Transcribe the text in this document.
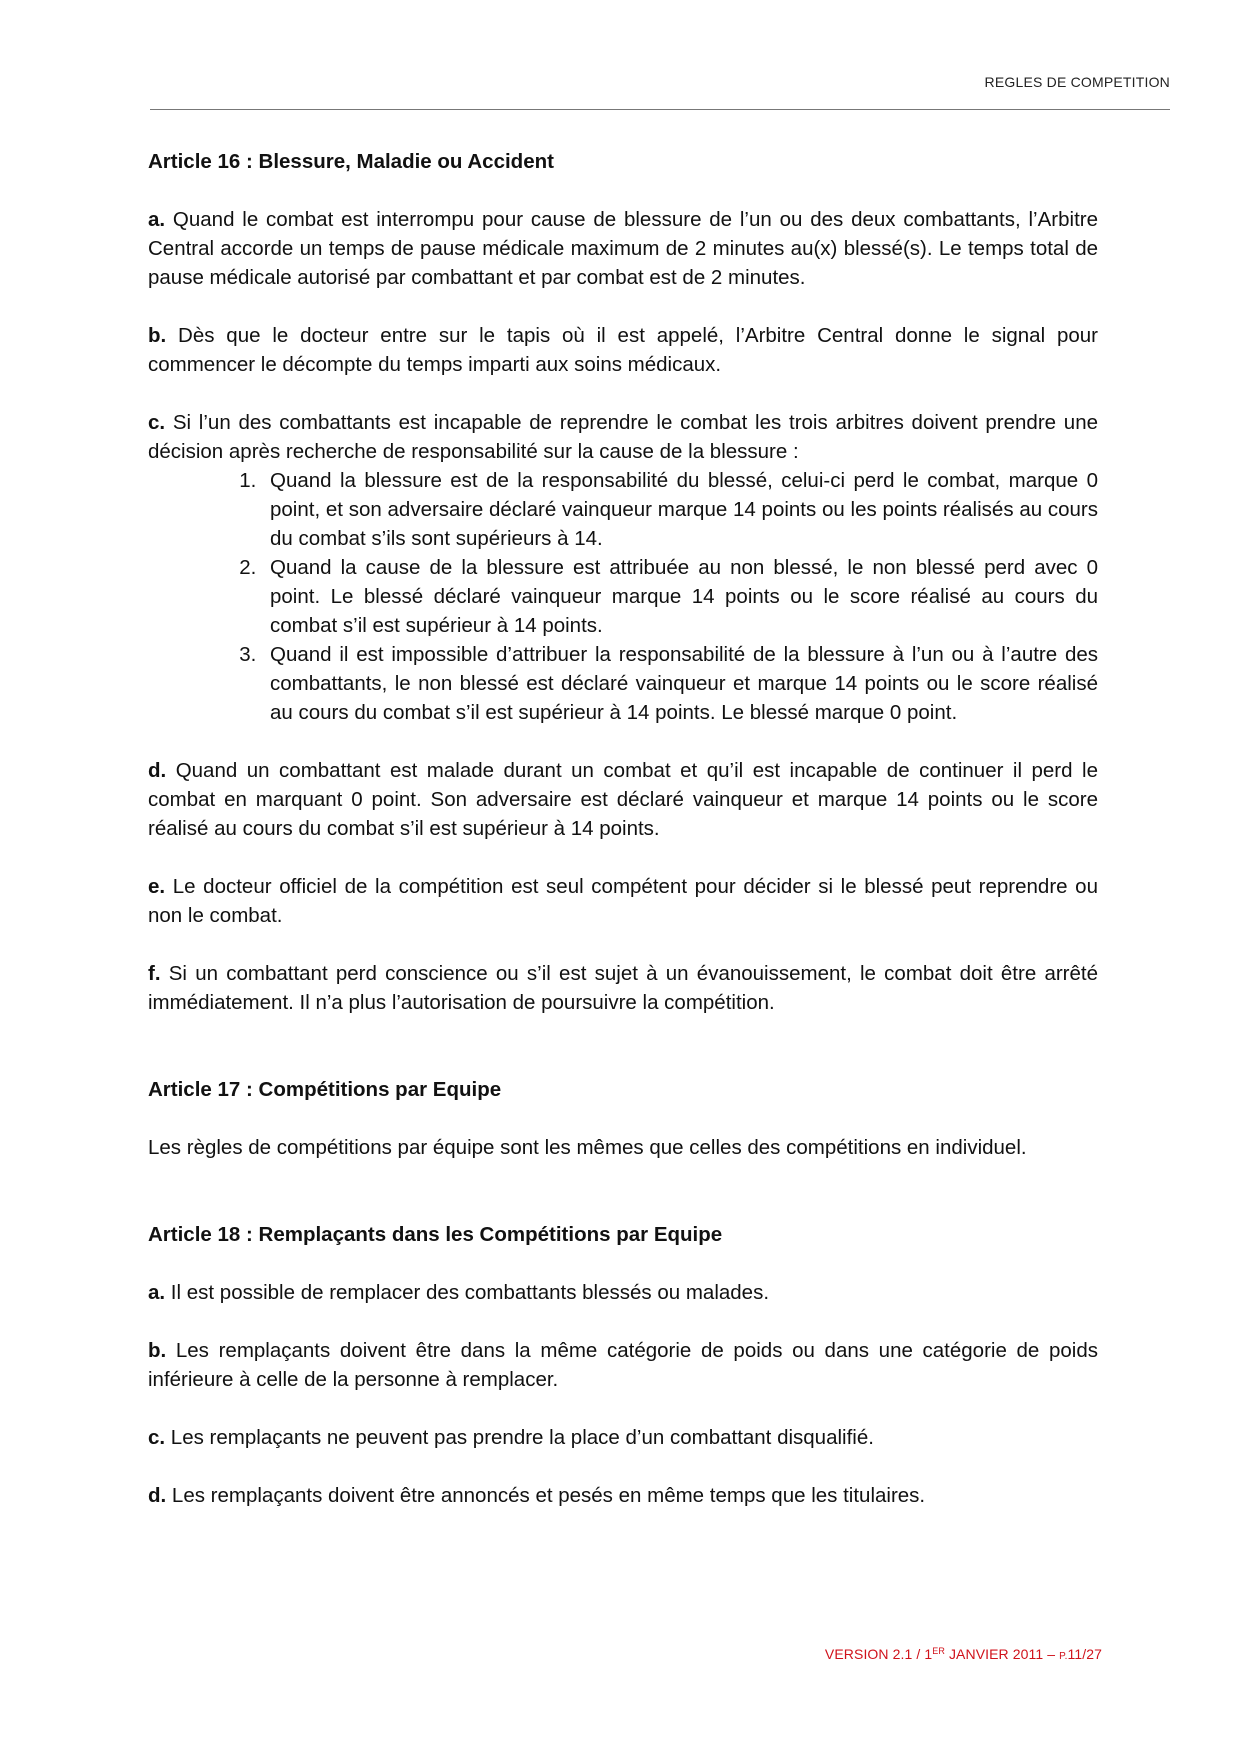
REGLES DE COMPETITION
Article 16 : Blessure, Maladie ou Accident

a. Quand le combat est interrompu pour cause de blessure de l’un ou des deux combattants, l’Arbitre Central accorde un temps de pause médicale maximum de 2 minutes au(x) blessé(s). Le temps total de pause médicale autorisé par combattant et par combat est de 2 minutes.

b. Dès que le docteur entre sur le tapis où il est appelé, l’Arbitre Central donne le signal pour commencer le décompte du temps imparti aux soins médicaux.

c. Si l’un des combattants est incapable de reprendre le combat les trois arbitres doivent prendre une décision après recherche de responsabilité sur la cause de la blessure :

1. Quand la blessure est de la responsabilité du blessé, celui-ci perd le combat, marque 0 point, et son adversaire déclaré vainqueur marque 14 points ou les points réalisés au cours du combat s’ils sont supérieurs à 14.
2. Quand la cause de la blessure est attribuée au non blessé, le non blessé perd avec 0 point. Le blessé déclaré vainqueur marque 14 points ou le score réalisé au cours du combat s’il est supérieur à 14 points.
3. Quand il est impossible d’attribuer la responsabilité de la blessure à l’un ou à l’autre des combattants, le non blessé est déclaré vainqueur et marque 14 points ou le score réalisé au cours du combat s’il est supérieur à 14 points. Le blessé marque 0 point.

d. Quand un combattant est malade durant un combat et qu’il est incapable de continuer il perd le combat en marquant 0 point. Son adversaire est déclaré vainqueur et marque 14 points ou le score réalisé au cours du combat s’il est supérieur à 14 points.

e. Le docteur officiel de la compétition est seul compétent pour décider si le blessé peut reprendre ou non le combat.

f. Si un combattant perd conscience ou s’il est sujet à un évanouissement, le combat doit être arrêté immédiatement. Il n’a plus l’autorisation de poursuivre la compétition.

Article 17 : Compétitions par Equipe

Les règles de compétitions par équipe sont les mêmes que celles des compétitions en individuel.

Article 18 : Remplaçants dans les Compétitions par Equipe

a. Il est possible de remplacer des combattants blessés ou malades.

b. Les remplaçants doivent être dans la même catégorie de poids ou dans une catégorie de poids inférieure à celle de la personne à remplacer.

c. Les remplaçants ne peuvent pas prendre la place d’un combattant disqualifié.

d. Les remplaçants doivent être annoncés et pesés en même temps que les titulaires.

VERSION 2.1 / 1ER JANVIER 2011 – P.11/27
